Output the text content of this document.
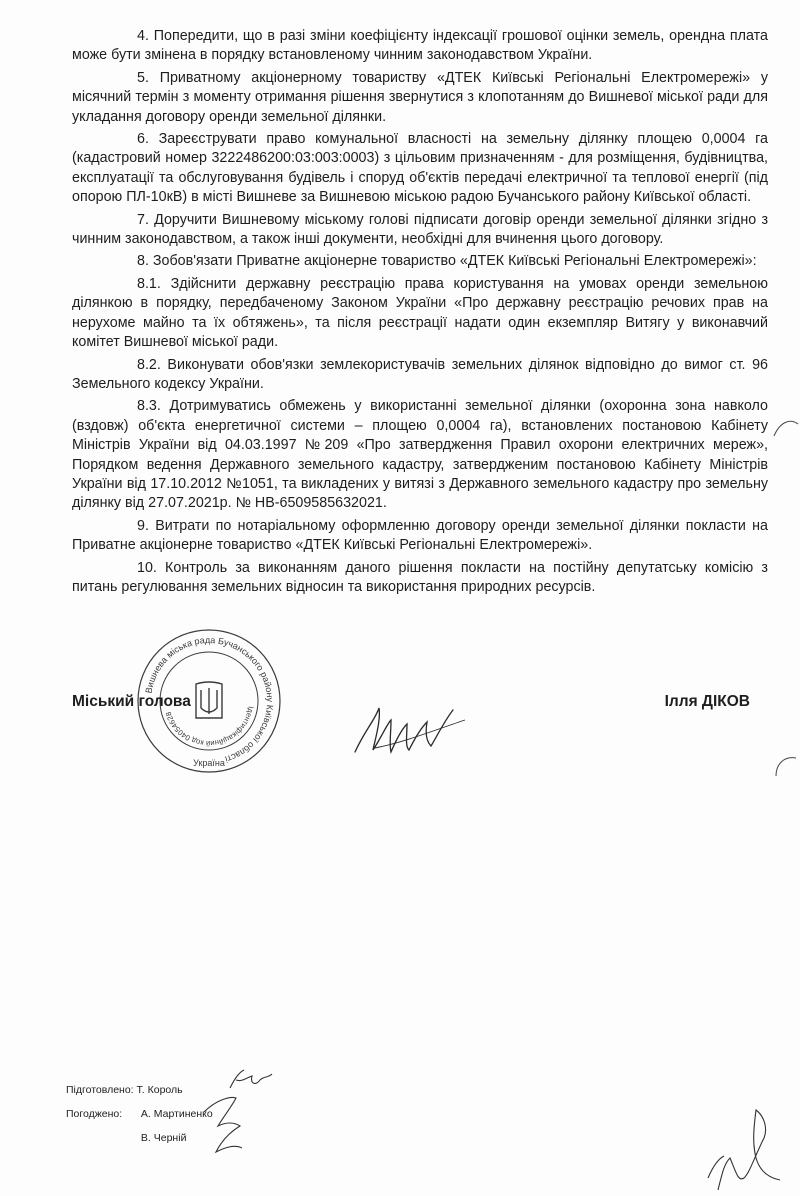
4. Попередити, що в разі зміни коефіцієнту індексації грошової оцінки земель, орендна плата може бути змінена в порядку встановленому чинним законодавством України.

5. Приватному акціонерному товариству «ДТЕК Київські Регіональні Електромережі» у місячний термін з моменту отримання рішення звернутися з клопотанням до Вишневої міської ради для укладання договору оренди земельної ділянки.

6. Зареєструвати право комунальної власності на земельну ділянку площею 0,0004 га (кадастровий номер 3222486200:03:003:0003) з цільовим призначенням - для розміщення, будівництва, експлуатації та обслуговування будівель і споруд об'єктів передачі електричної та теплової енергії (під опорою ПЛ-10кВ) в місті Вишневе за Вишневою міською радою Бучанського району Київської області.

7. Доручити Вишневому міському голові підписати договір оренди земельної ділянки згідно з чинним законодавством, а також інші документи, необхідні для вчинення цього договору.

8. Зобов'язати Приватне акціонерне товариство «ДТЕК Київські Регіональні Електромережі»:

8.1. Здійснити державну реєстрацію права користування на умовах оренди земельною ділянкою в порядку, передбаченому Законом України «Про державну реєстрацію речових прав на нерухоме майно та їх обтяжень», та після реєстрації надати один екземпляр Витягу у виконавчий комітет Вишневої міської ради.

8.2. Виконувати обов'язки землекористувачів земельних ділянок відповідно до вимог ст. 96 Земельного кодексу України.

8.3. Дотримуватись обмежень у використанні земельної ділянки (охоронна зона навколо (вздовж) об'єкта енергетичної системи – площею 0,0004 га), встановлених постановою Кабінету Міністрів України від 04.03.1997 №209 «Про затвердження Правил охорони електричних мереж», Порядком ведення Державного земельного кадастру, затвердженим постановою Кабінету Міністрів України від 17.10.2012 №1051, та викладених у витязі з Державного земельного кадастру про земельну ділянку від 27.07.2021р. № НВ-6509585632021.

9. Витрати по нотаріальному оформленню договору оренди земельної ділянки покласти на Приватне акціонерне товариство «ДТЕК Київські Регіональні Електромережі».

10. Контроль за виконанням даного рішення покласти на постійну депутатську комісію з питань регулювання земельних відносин та використання природних ресурсів.

Вишнева міська рада Бучанського району Київської області
Ідентифікаційний код 04054628
Україна
Міський голова	Ілля ДІКОВ
Підготовлено: Т. Король
Погоджено: А. Мартиненко
В. Черній
